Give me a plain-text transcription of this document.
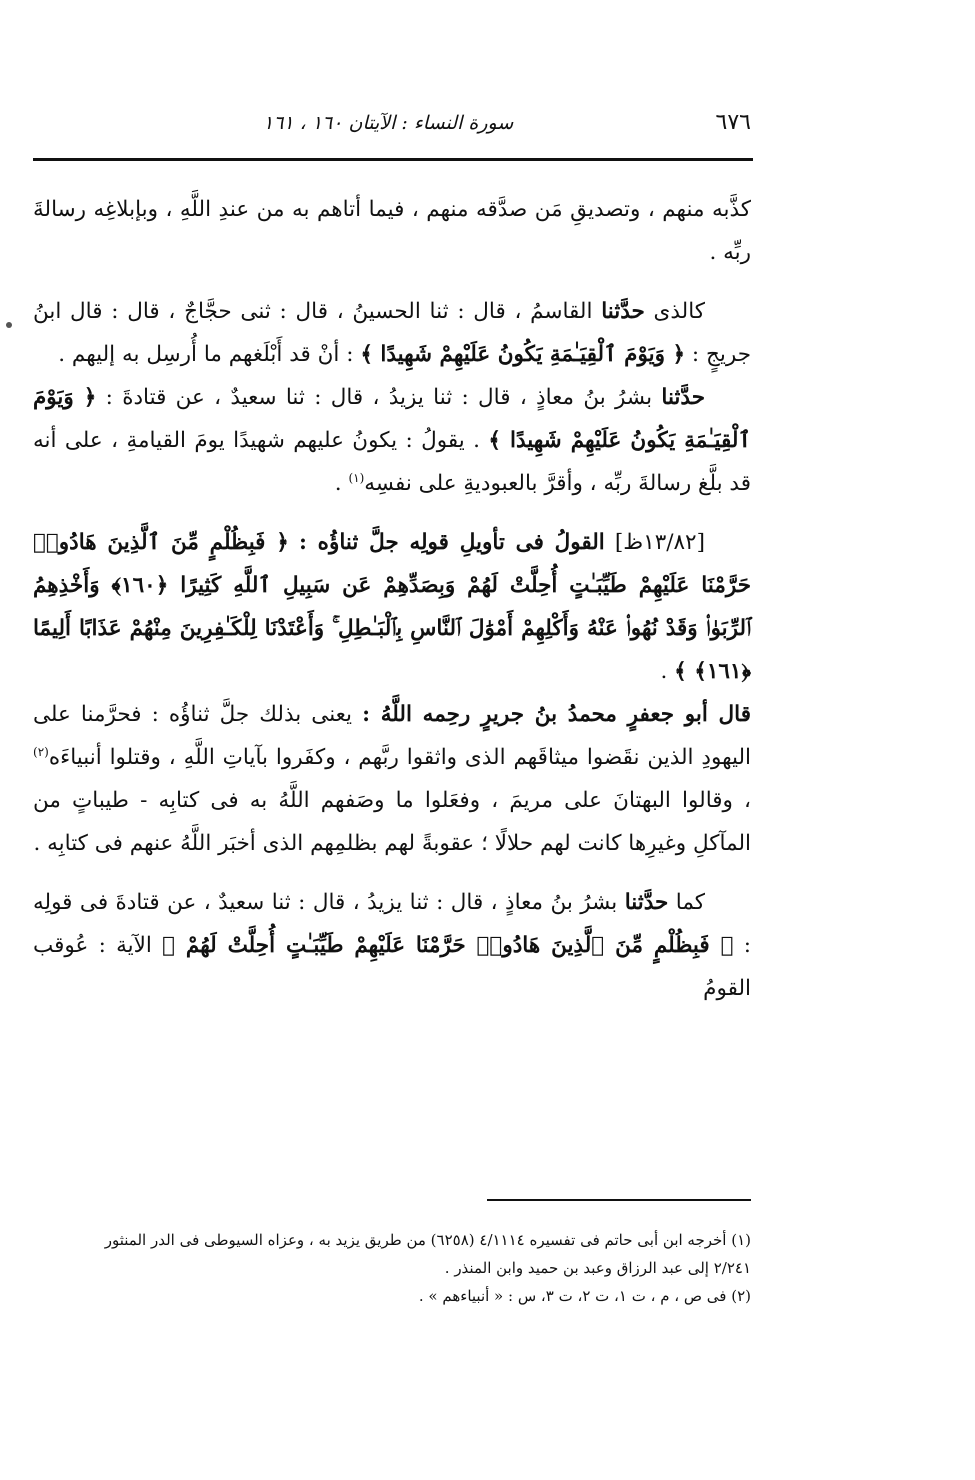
٦٧٦
سورة النساء : الآيتان ١٦٠ ، ١٦١

كذَّبه منهم ، وتصديقِ مَن صدَّقه منهم ، فيما أتاهم به من عندِ اللَّهِ ، وبإبلاغِه رسالةَ ربِّه .

كالذى حدَّثنا القاسمُ ، قال : ثنا الحسينُ ، قال : ثنى حجَّاجٌ ، قال : قال ابنُ جريجٍ : ﴿ وَيَوْمَ ٱلْقِيَـٰمَةِ يَكُونُ عَلَيْهِمْ شَهِيدًا ﴾ : أنْ قد أَبْلَغهم ما أُرسِل به إليهم .

حدَّثنا بشرُ بنُ معاذٍ ، قال : ثنا يزيدُ ، قال : ثنا سعيدٌ ، عن قتادةَ : ﴿ وَيَوْمَ ٱلْقِيَـٰمَةِ يَكُونُ عَلَيْهِمْ شَهِيدًا ﴾ . يقولُ : يكونُ عليهم شهيدًا يومَ القيامةِ ، على أنه قد بلَّغ رسالةَ ربِّه ، وأقرَّ بالعبوديةِ على نفسِه$^{(١)}$ .

[١٣/٨٢ظ] القولُ فى تأويلِ قولِه جلَّ ثناؤُه : ﴿ فَبِظُلْمٍ مِّنَ ٱلَّذِينَ هَادُوا۟ حَرَّمْنَا عَلَيْهِمْ طَيِّبَـٰتٍ أُحِلَّتْ لَهُمْ وَبِصَدِّهِمْ عَن سَبِيلِ ٱللَّهِ كَثِيرًا ﴿١٦٠﴾ وَأَخْذِهِمُ ٱلرِّبَوٰا۟ وَقَدْ نُهُوا۟ عَنْهُ وَأَكْلِهِمْ أَمْوَٰلَ ٱلنَّاسِ بِٱلْبَـٰطِلِ ۚ وَأَعْتَدْنَا لِلْكَـٰفِرِينَ مِنْهُمْ عَذَابًا أَلِيمًا ﴿١٦١﴾ ﴾ .

قال أبو جعفرٍ محمدُ بنُ جريرٍ رحِمه اللَّهُ : يعنى بذلك جلَّ ثناؤُه : فحرَّمنا على اليهودِ الذين نقَضوا ميثاقَهم الذى واثقوا ربَّهم ، وكفَروا بآياتِ اللَّهِ ، وقتلوا أنبياءَه$^{(٢)}$ ، وقالوا البهتانَ على مريمَ ، وفعَلوا ما وصَفهم اللَّهُ به فى كتابِه - طيباتٍ من المآكلِ وغيرِها كانت لهم حلالًا ؛ عقوبةً لهم بظلمِهم الذى أخبَر اللَّهُ عنهم فى كتابِه .

كما حدَّثنا بشرُ بنُ معاذٍ ، قال : ثنا يزيدُ ، قال : ثنا سعيدٌ ، عن قتادةَ فى قولِه : ﴿ فَبِظُلْمٍ مِّنَ ٱلَّذِينَ هَادُوا۟ حَرَّمْنَا عَلَيْهِمْ طَيِّبَـٰتٍ أُحِلَّتْ لَهُمْ ﴾ الآية : عُوقب القومُ

(١) أخرجه ابن أبى حاتم فى تفسيره ٤/١١١٤ (٦٢٥٨) من طريق يزيد به ، وعزاه السيوطى فى الدر المنثور

٢/٢٤١ إلى عبد الرزاق وعبد بن حميد وابن المنذر .

(٢) فى ص ، م ، ت ١، ت ٢، ت ٣، س : « أنبياءهم » .
